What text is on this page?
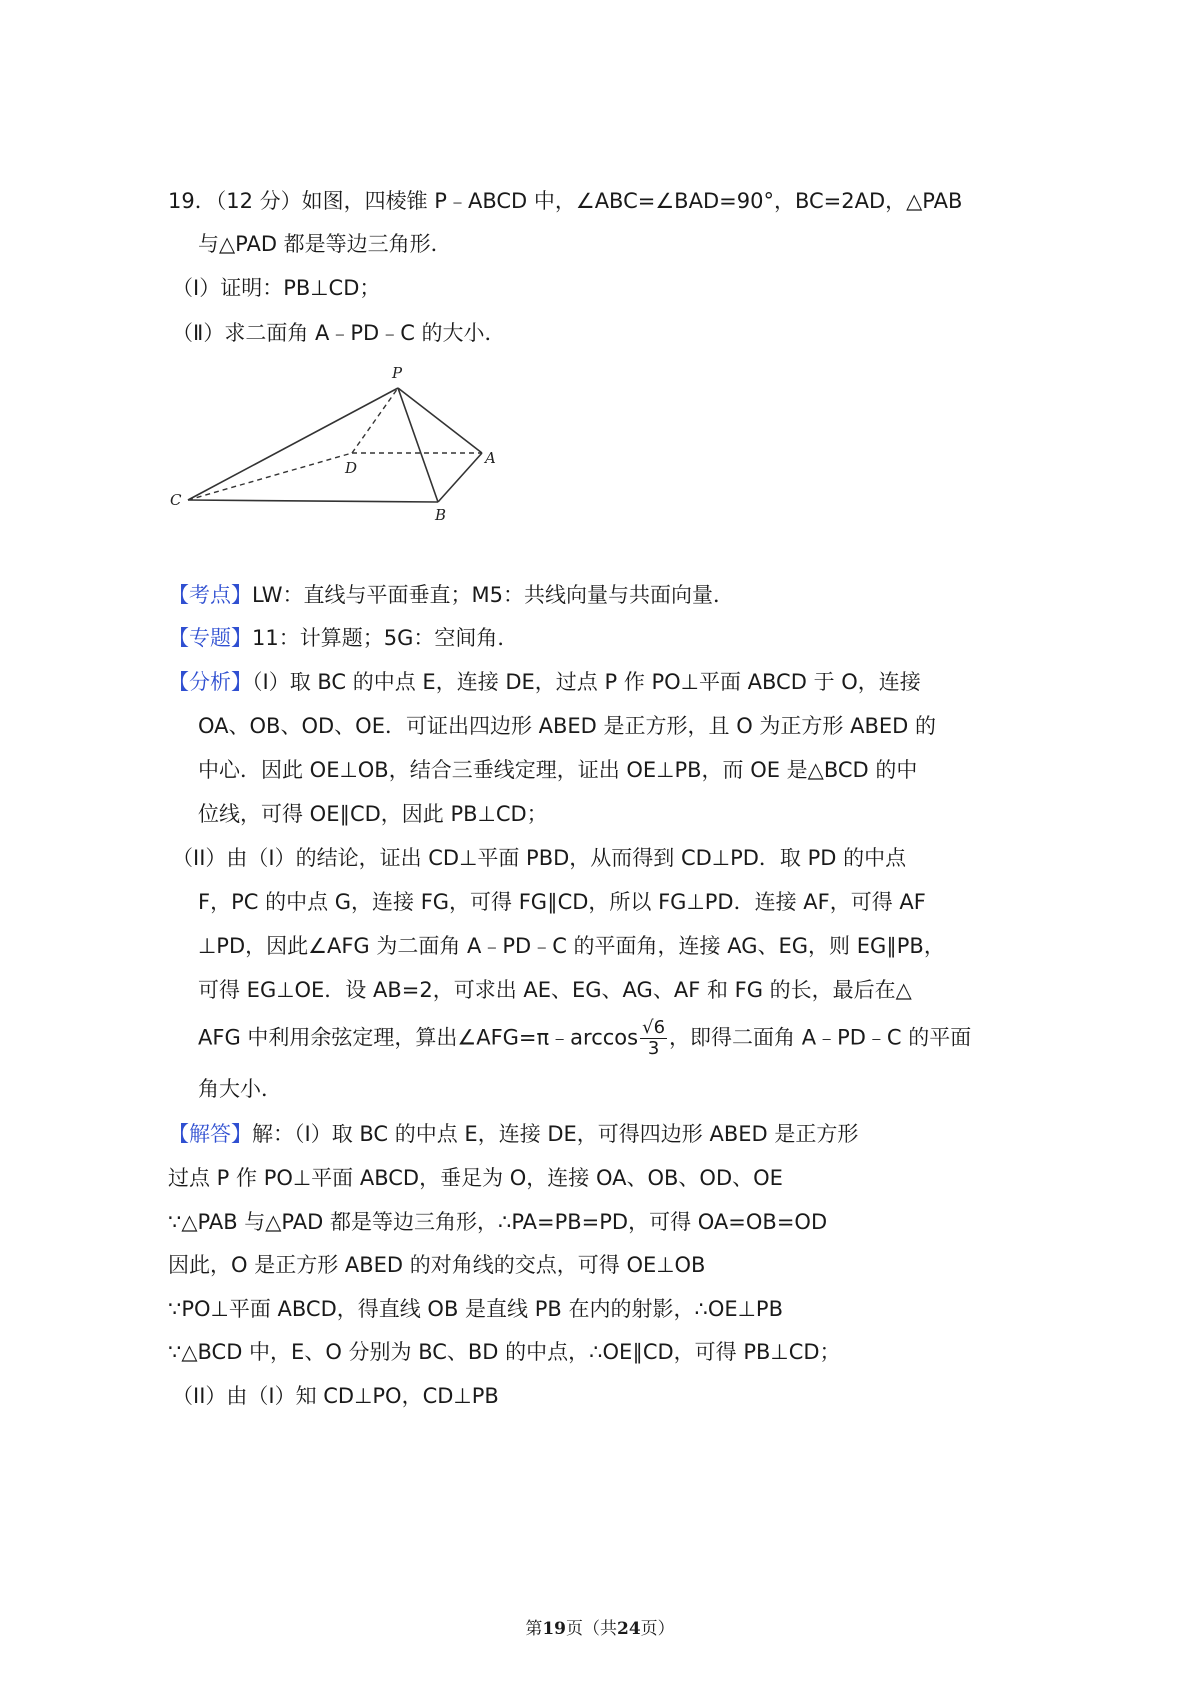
19．（12 分）如图，四棱锥 P﹣ABCD 中，∠ABC=∠BAD=90°，BC=2AD，△PAB
与△PAD 都是等边三角形．
（Ⅰ）证明：PB⊥CD；
（Ⅱ）求二面角 A﹣PD﹣C 的大小．
P
D
A
C
B
【考点】LW：直线与平面垂直；M5：共线向量与共面向量．
【专题】11：计算题；5G：空间角．
【分析】（I）取 BC 的中点 E，连接 DE，过点 P 作 PO⊥平面 ABCD 于 O，连接
OA、OB、OD、OE．可证出四边形 ABED 是正方形，且 O 为正方形 ABED 的
中心．因此 OE⊥OB，结合三垂线定理，证出 OE⊥PB，而 OE 是△BCD 的中
位线，可得 OE∥CD，因此 PB⊥CD；
（II）由（I）的结论，证出 CD⊥平面 PBD，从而得到 CD⊥PD．取 PD 的中点
F，PC 的中点 G，连接 FG，可得 FG∥CD，所以 FG⊥PD．连接 AF，可得 AF
⊥PD，因此∠AFG 为二面角 A﹣PD﹣C 的平面角，连接 AG、EG，则 EG∥PB，
可得 EG⊥OE．设 AB=2，可求出 AE、EG、AG、AF 和 FG 的长，最后在△
AFG 中利用余弦定理，算出∠AFG=π﹣arccos $\frac{√6}{3}$ ，即得二面角 A﹣PD﹣C 的平面
角大小．
【解答】解：（I）取 BC 的中点 E，连接 DE，可得四边形 ABED 是正方形
过点 P 作 PO⊥平面 ABCD，垂足为 O，连接 OA、OB、OD、OE
∵△PAB 与△PAD 都是等边三角形，∴PA=PB=PD，可得 OA=OB=OD
因此，O 是正方形 ABED 的对角线的交点，可得 OE⊥OB
∵PO⊥平面 ABCD，得直线 OB 是直线 PB 在内的射影，∴OE⊥PB
∵△BCD 中，E、O 分别为 BC、BD 的中点，∴OE∥CD，可得 PB⊥CD；
（II）由（I）知 CD⊥PO，CD⊥PB
第19页（共24页）
